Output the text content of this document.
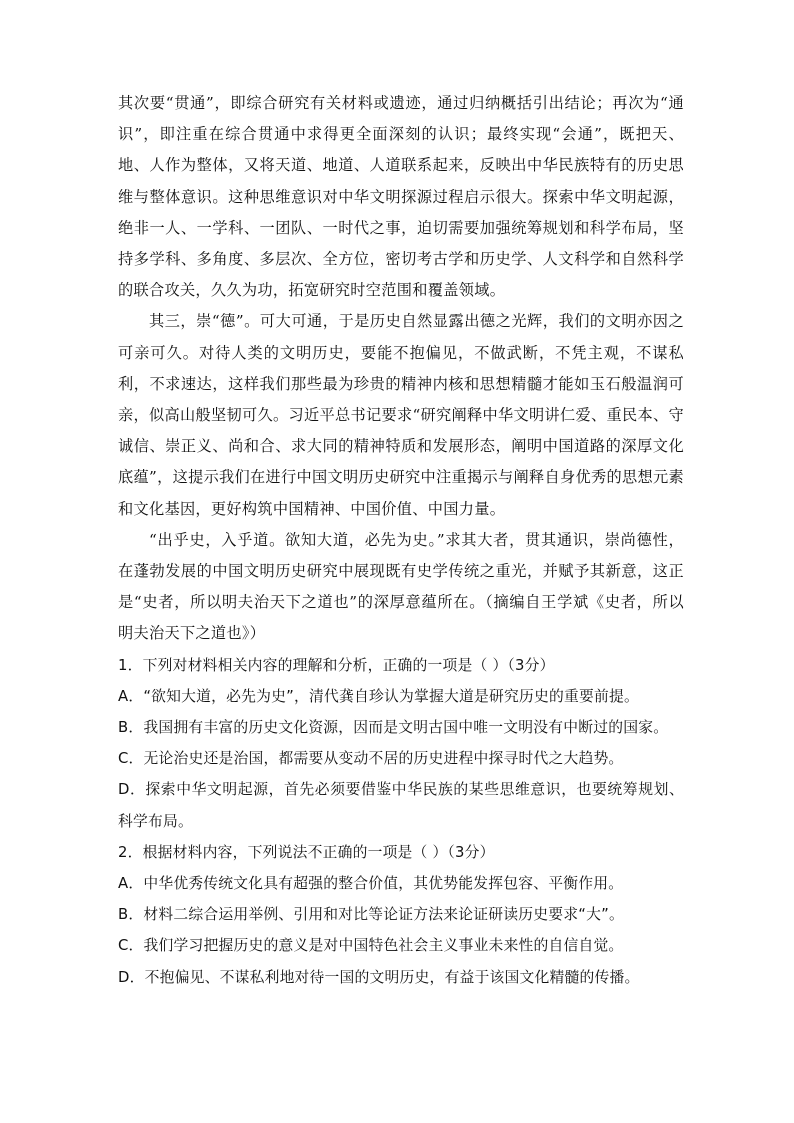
其次要“贯通”，即综合研究有关材料或遗迹，通过归纳概括引出结论；再次为“通识”，即注重在综合贯通中求得更全面深刻的认识；最终实现“会通”，既把天、地、人作为整体，又将天道、地道、人道联系起来，反映出中华民族特有的历史思维与整体意识。这种思维意识对中华文明探源过程启示很大。探索中华文明起源，绝非一人、一学科、一团队、一时代之事，迫切需要加强统筹规划和科学布局，坚持多学科、多角度、多层次、全方位，密切考古学和历史学、人文科学和自然科学的联合攻关，久久为功，拓宽研究时空范围和覆盖领域。

其三，崇“德”。可大可通，于是历史自然显露出德之光辉，我们的文明亦因之可亲可久。对待人类的文明历史，要能不抱偏见，不做武断，不凭主观，不谋私利，不求速达，这样我们那些最为珍贵的精神内核和思想精髓才能如玉石般温润可亲，似高山般坚韧可久。习近平总书记要求“研究阐释中华文明讲仁爱、重民本、守诚信、崇正义、尚和合、求大同的精神特质和发展形态，阐明中国道路的深厚文化底蕴”，这提示我们在进行中国文明历史研究中注重揭示与阐释自身优秀的思想元素和文化基因，更好构筑中国精神、中国价值、中国力量。

“出乎史，入乎道。欲知大道，必先为史。”求其大者，贯其通识，崇尚德性，在蓬勃发展的中国文明历史研究中展现既有史学传统之重光，并赋予其新意，这正是“史者，所以明夫治天下之道也”的深厚意蕴所在。（摘编自王学斌《史者，所以明夫治天下之道也》）

1．下列对材料相关内容的理解和分析，正确的一项是（ ）（3分）

A．“欲知大道，必先为史”，清代龚自珍认为掌握大道是研究历史的重要前提。

B．我国拥有丰富的历史文化资源，因而是文明古国中唯一文明没有中断过的国家。

C．无论治史还是治国，都需要从变动不居的历史进程中探寻时代之大趋势。

D．探索中华文明起源，首先必须要借鉴中华民族的某些思维意识，也要统筹规划、科学布局。

2．根据材料内容，下列说法不正确的一项是（ ）（3分）

A．中华优秀传统文化具有超强的整合价值，其优势能发挥包容、平衡作用。

B．材料二综合运用举例、引用和对比等论证方法来论证研读历史要求“大”。

C．我们学习把握历史的意义是对中国特色社会主义事业未来性的自信自觉。

D．不抱偏见、不谋私利地对待一国的文明历史，有益于该国文化精髓的传播。
